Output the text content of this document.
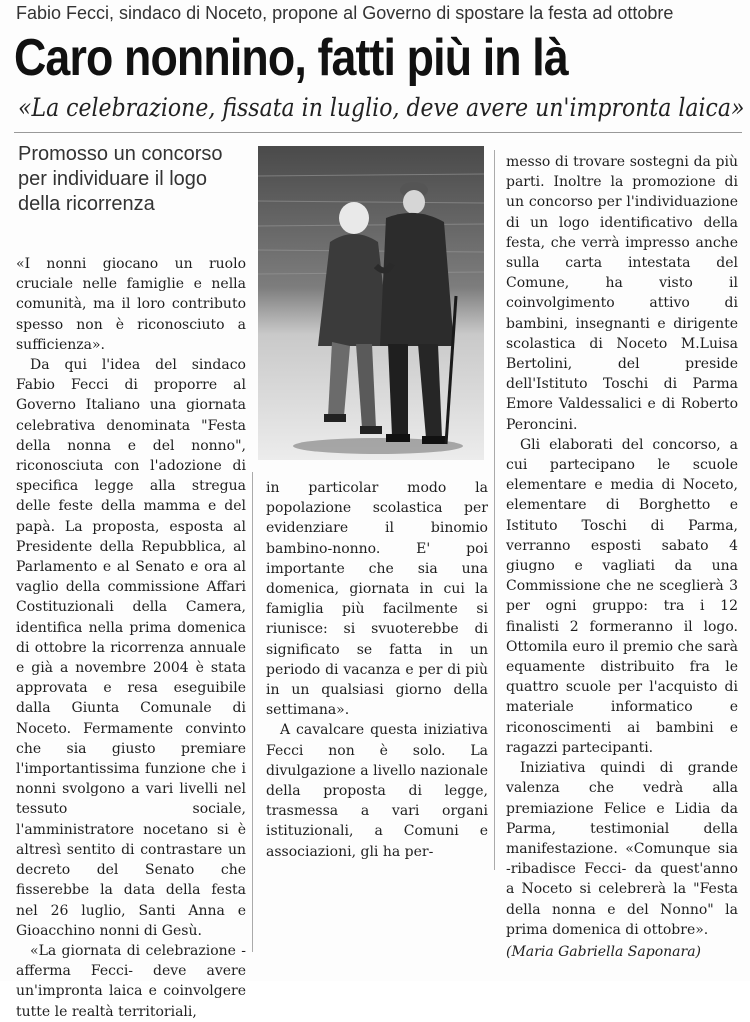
Fabio Fecci, sindaco di Noceto, propone al Governo di spostare la festa ad ottobre
Caro nonnino, fatti più in là
«La celebrazione, fissata in luglio, deve avere un'impronta laica»
Promosso un concorso per individuare il logo della ricorrenza

«I nonni giocano un ruolo cruciale nelle famiglie e nella comunità, ma il loro contributo spesso non è riconosciuto a sufficienza».

Da qui l'idea del sindaco Fabio Fecci di proporre al Governo Italiano una giornata celebrativa denominata "Festa della nonna e del nonno", riconosciuta con l'adozione di specifica legge alla stregua delle feste della mamma e del papà. La proposta, esposta al Presidente della Repubblica, al Parlamento e al Senato e ora al vaglio della commissione Affari Costituzionali della Camera, identifica nella prima domenica di ottobre la ricorrenza annuale e già a novembre 2004 è stata approvata e resa eseguibile dalla Giunta Comunale di Noceto. Fermamente convinto che sia giusto premiare l'importantissima funzione che i nonni svolgono a vari livelli nel tessuto sociale, l'amministratore nocetano si è altresì sentito di contrastare un decreto del Senato che fisserebbe la data della festa nel 26 luglio, Santi Anna e Gioacchino nonni di Gesù.

«La giornata di celebrazione -afferma Fecci- deve avere un'impronta laica e coinvolgere tutte le realtà territoriali,

in particolar modo la popolazione scolastica per evidenziare il binomio bambino-nonno. E' poi importante che sia una domenica, giornata in cui la famiglia più facilmente si riunisce: si svuoterebbe di significato se fatta in un periodo di vacanza e per di più in un qualsiasi giorno della settimana».

A cavalcare questa iniziativa Fecci non è solo. La divulgazione a livello nazionale della proposta di legge, trasmessa a vari organi istituzionali, a Comuni e associazioni, gli ha per-

messo di trovare sostegni da più parti. Inoltre la promozione di un concorso per l'individuazione di un logo identificativo della festa, che verrà impresso anche sulla carta intestata del Comune, ha visto il coinvolgimento attivo di bambini, insegnanti e dirigente scolastica di Noceto M.Luisa Bertolini, del preside dell'Istituto Toschi di Parma Emore Valdessalici e di Roberto Peroncini.

Gli elaborati del concorso, a cui partecipano le scuole elementare e media di Noceto, elementare di Borghetto e Istituto Toschi di Parma, verranno esposti sabato 4 giugno e vagliati da una Commissione che ne sceglierà 3 per ogni gruppo: tra i 12 finalisti 2 formeranno il logo. Ottomila euro il premio che sarà equamente distribuito fra le quattro scuole per l'acquisto di materiale informatico e riconoscimenti ai bambini e ragazzi partecipanti.

Iniziativa quindi di grande valenza che vedrà alla premiazione Felice e Lidia da Parma, testimonial della manifestazione. «Comunque sia -ribadisce Fecci- da quest'anno a Noceto si celebrerà la "Festa della nonna e del Nonno" la prima domenica di ottobre».

(Maria Gabriella Saponara)
